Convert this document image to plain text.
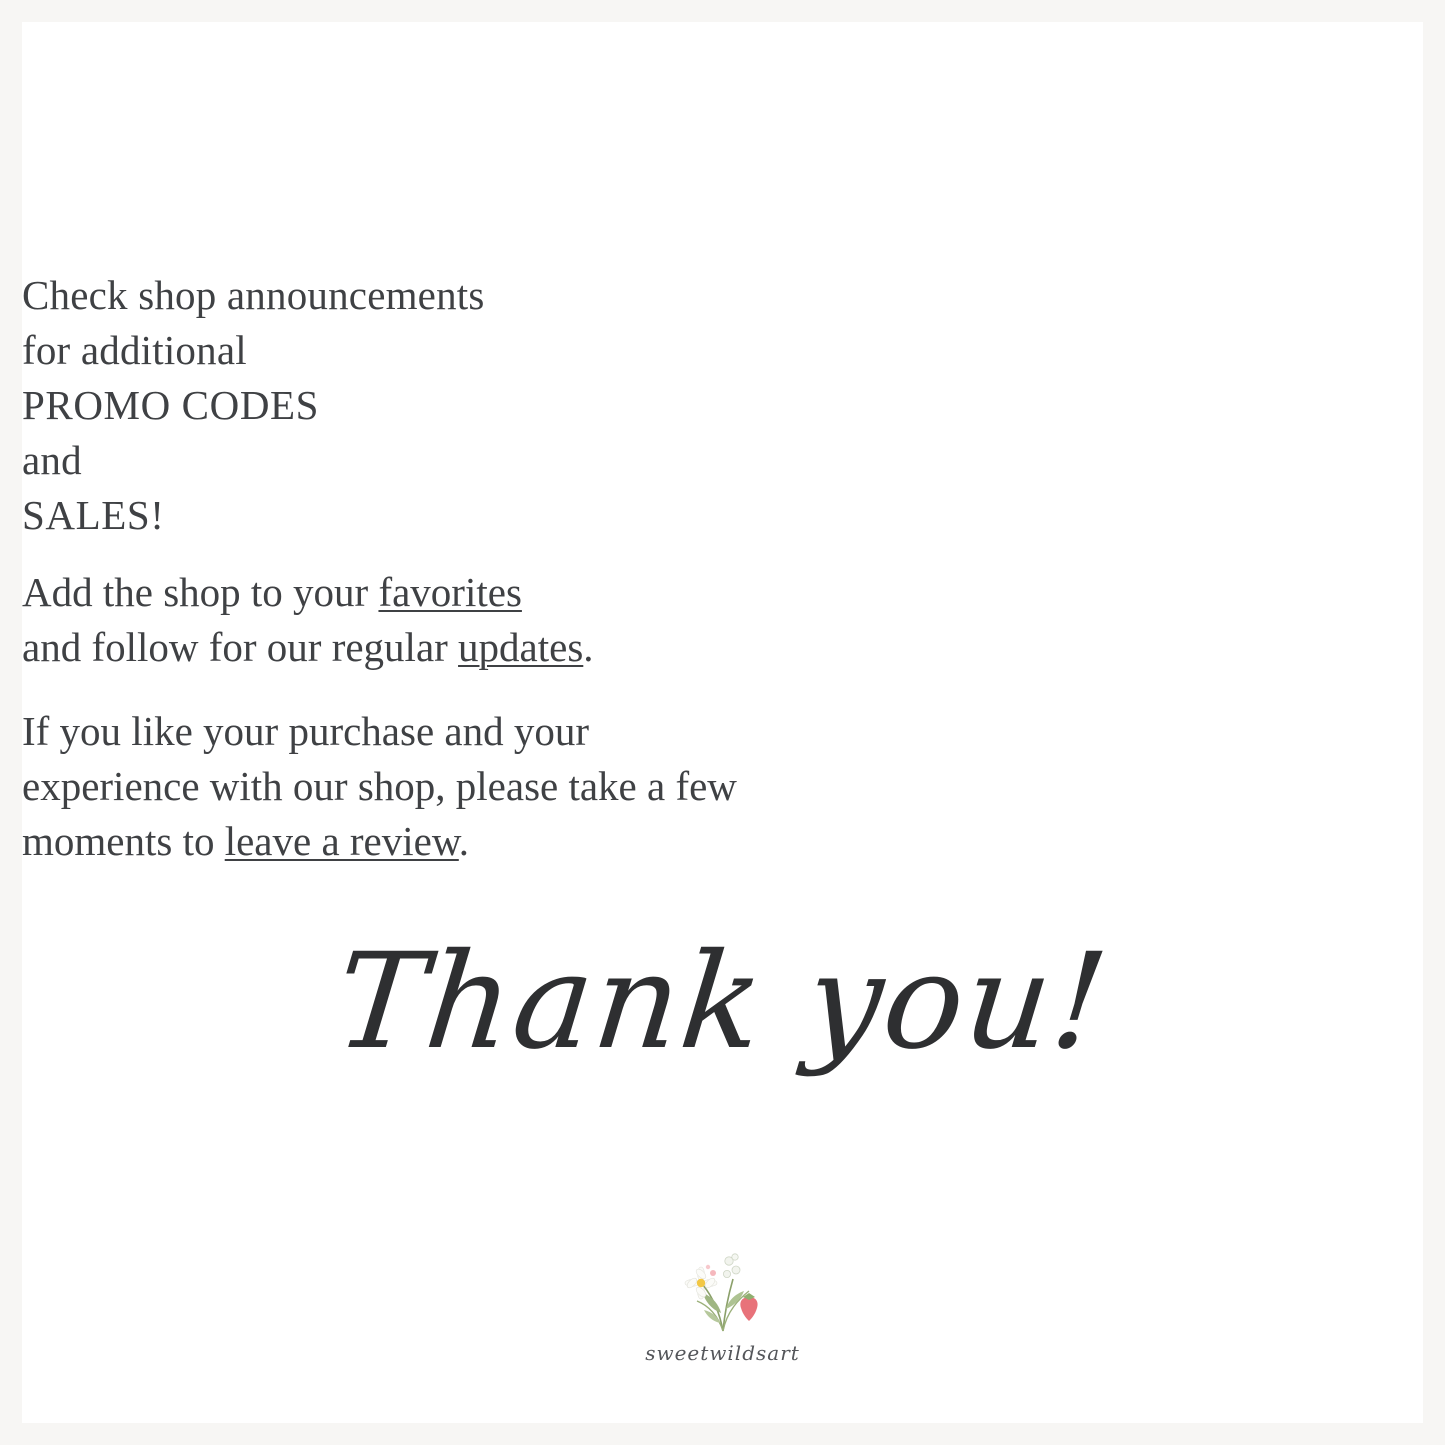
Check shop announcements
for additional
PROMO CODES
and
SALES!
Add the shop to your favorites
and follow for our regular updates.
If you like your purchase and your
experience with our shop, please take a few
moments to leave a review.
Thank you!
sweetwildsart
